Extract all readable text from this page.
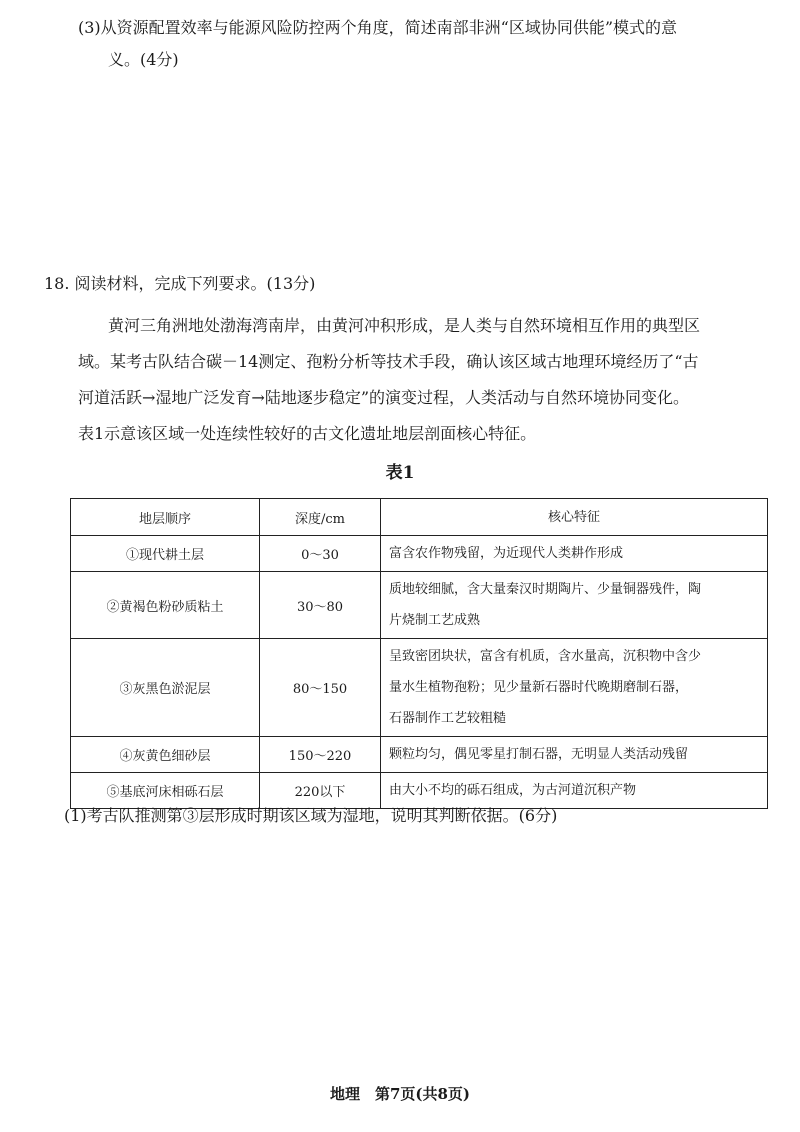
(3)从资源配置效率与能源风险防控两个角度，简述南部非洲“区域协同供能”模式的意
义。(4分)
18. 阅读材料，完成下列要求。(13分)
黄河三角洲地处渤海湾南岸，由黄河冲积形成，是人类与自然环境相互作用的典型区
域。某考古队结合碳－14测定、孢粉分析等技术手段，确认该区域古地理环境经历了“古
河道活跃→湿地广泛发育→陆地逐步稳定”的演变过程，人类活动与自然环境协同变化。
表1示意该区域一处连续性较好的古文化遗址地层剖面核心特征。
表1
地层顺序	深度/cm	核心特征
①现代耕土层	0～30	富含农作物残留，为近现代人类耕作形成

②黄褐色粉砂质粘土	30～80	质地较细腻，含大量秦汉时期陶片、少量铜器残件，陶
片烧制工艺成熟

③灰黑色淤泥层	80～150	呈致密团块状，富含有机质，含水量高，沉积物中含少
量水生植物孢粉；见少量新石器时代晚期磨制石器，
石器制作工艺较粗糙

④灰黄色细砂层	150～220	颗粒均匀，偶见零星打制石器，无明显人类活动残留

⑤基底河床相砾石层	220以下	由大小不均的砾石组成，为古河道沉积产物
(1)考古队推测第③层形成时期该区域为湿地，说明其判断依据。(6分)
地理　第7页(共8页)
